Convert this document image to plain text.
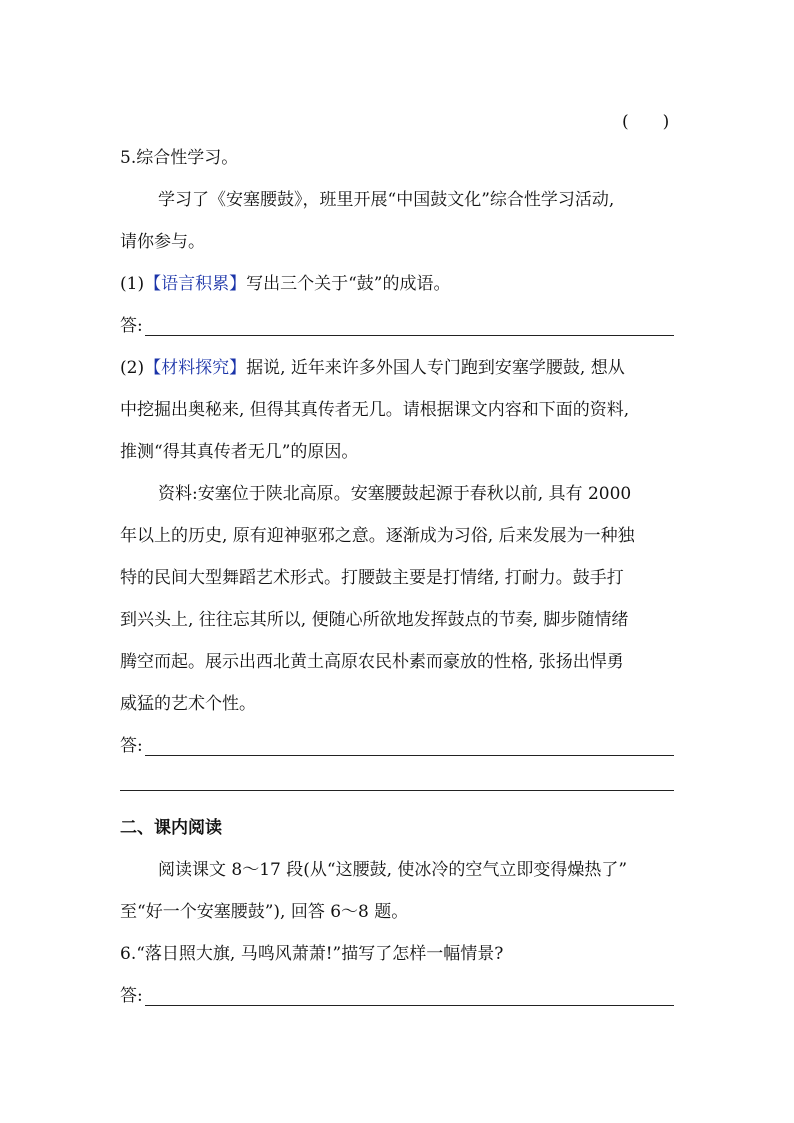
(　　)
5.综合性学习。
学习了《安塞腰鼓》，班里开展“中国鼓文化”综合性学习活动,
请你参与。
(1)【语言积累】写出三个关于“鼓”的成语。
答:
(2)【材料探究】据说, 近年来许多外国人专门跑到安塞学腰鼓, 想从
中挖掘出奥秘来, 但得其真传者无几。请根据课文内容和下面的资料,
推测“得其真传者无几”的原因。
资料:安塞位于陕北高原。安塞腰鼓起源于春秋以前, 具有 2000
年以上的历史, 原有迎神驱邪之意。逐渐成为习俗, 后来发展为一种独
特的民间大型舞蹈艺术形式。打腰鼓主要是打情绪, 打耐力。鼓手打
到兴头上, 往往忘其所以, 便随心所欲地发挥鼓点的节奏, 脚步随情绪
腾空而起。展示出西北黄土高原农民朴素而豪放的性格, 张扬出悍勇
威猛的艺术个性。
答:
二、课内阅读
阅读课文 8～17 段(从“这腰鼓, 使冰冷的空气立即变得燥热了”
至“好一个安塞腰鼓”), 回答 6～8 题。
6.“落日照大旗, 马鸣风萧萧!”描写了怎样一幅情景?
答:
